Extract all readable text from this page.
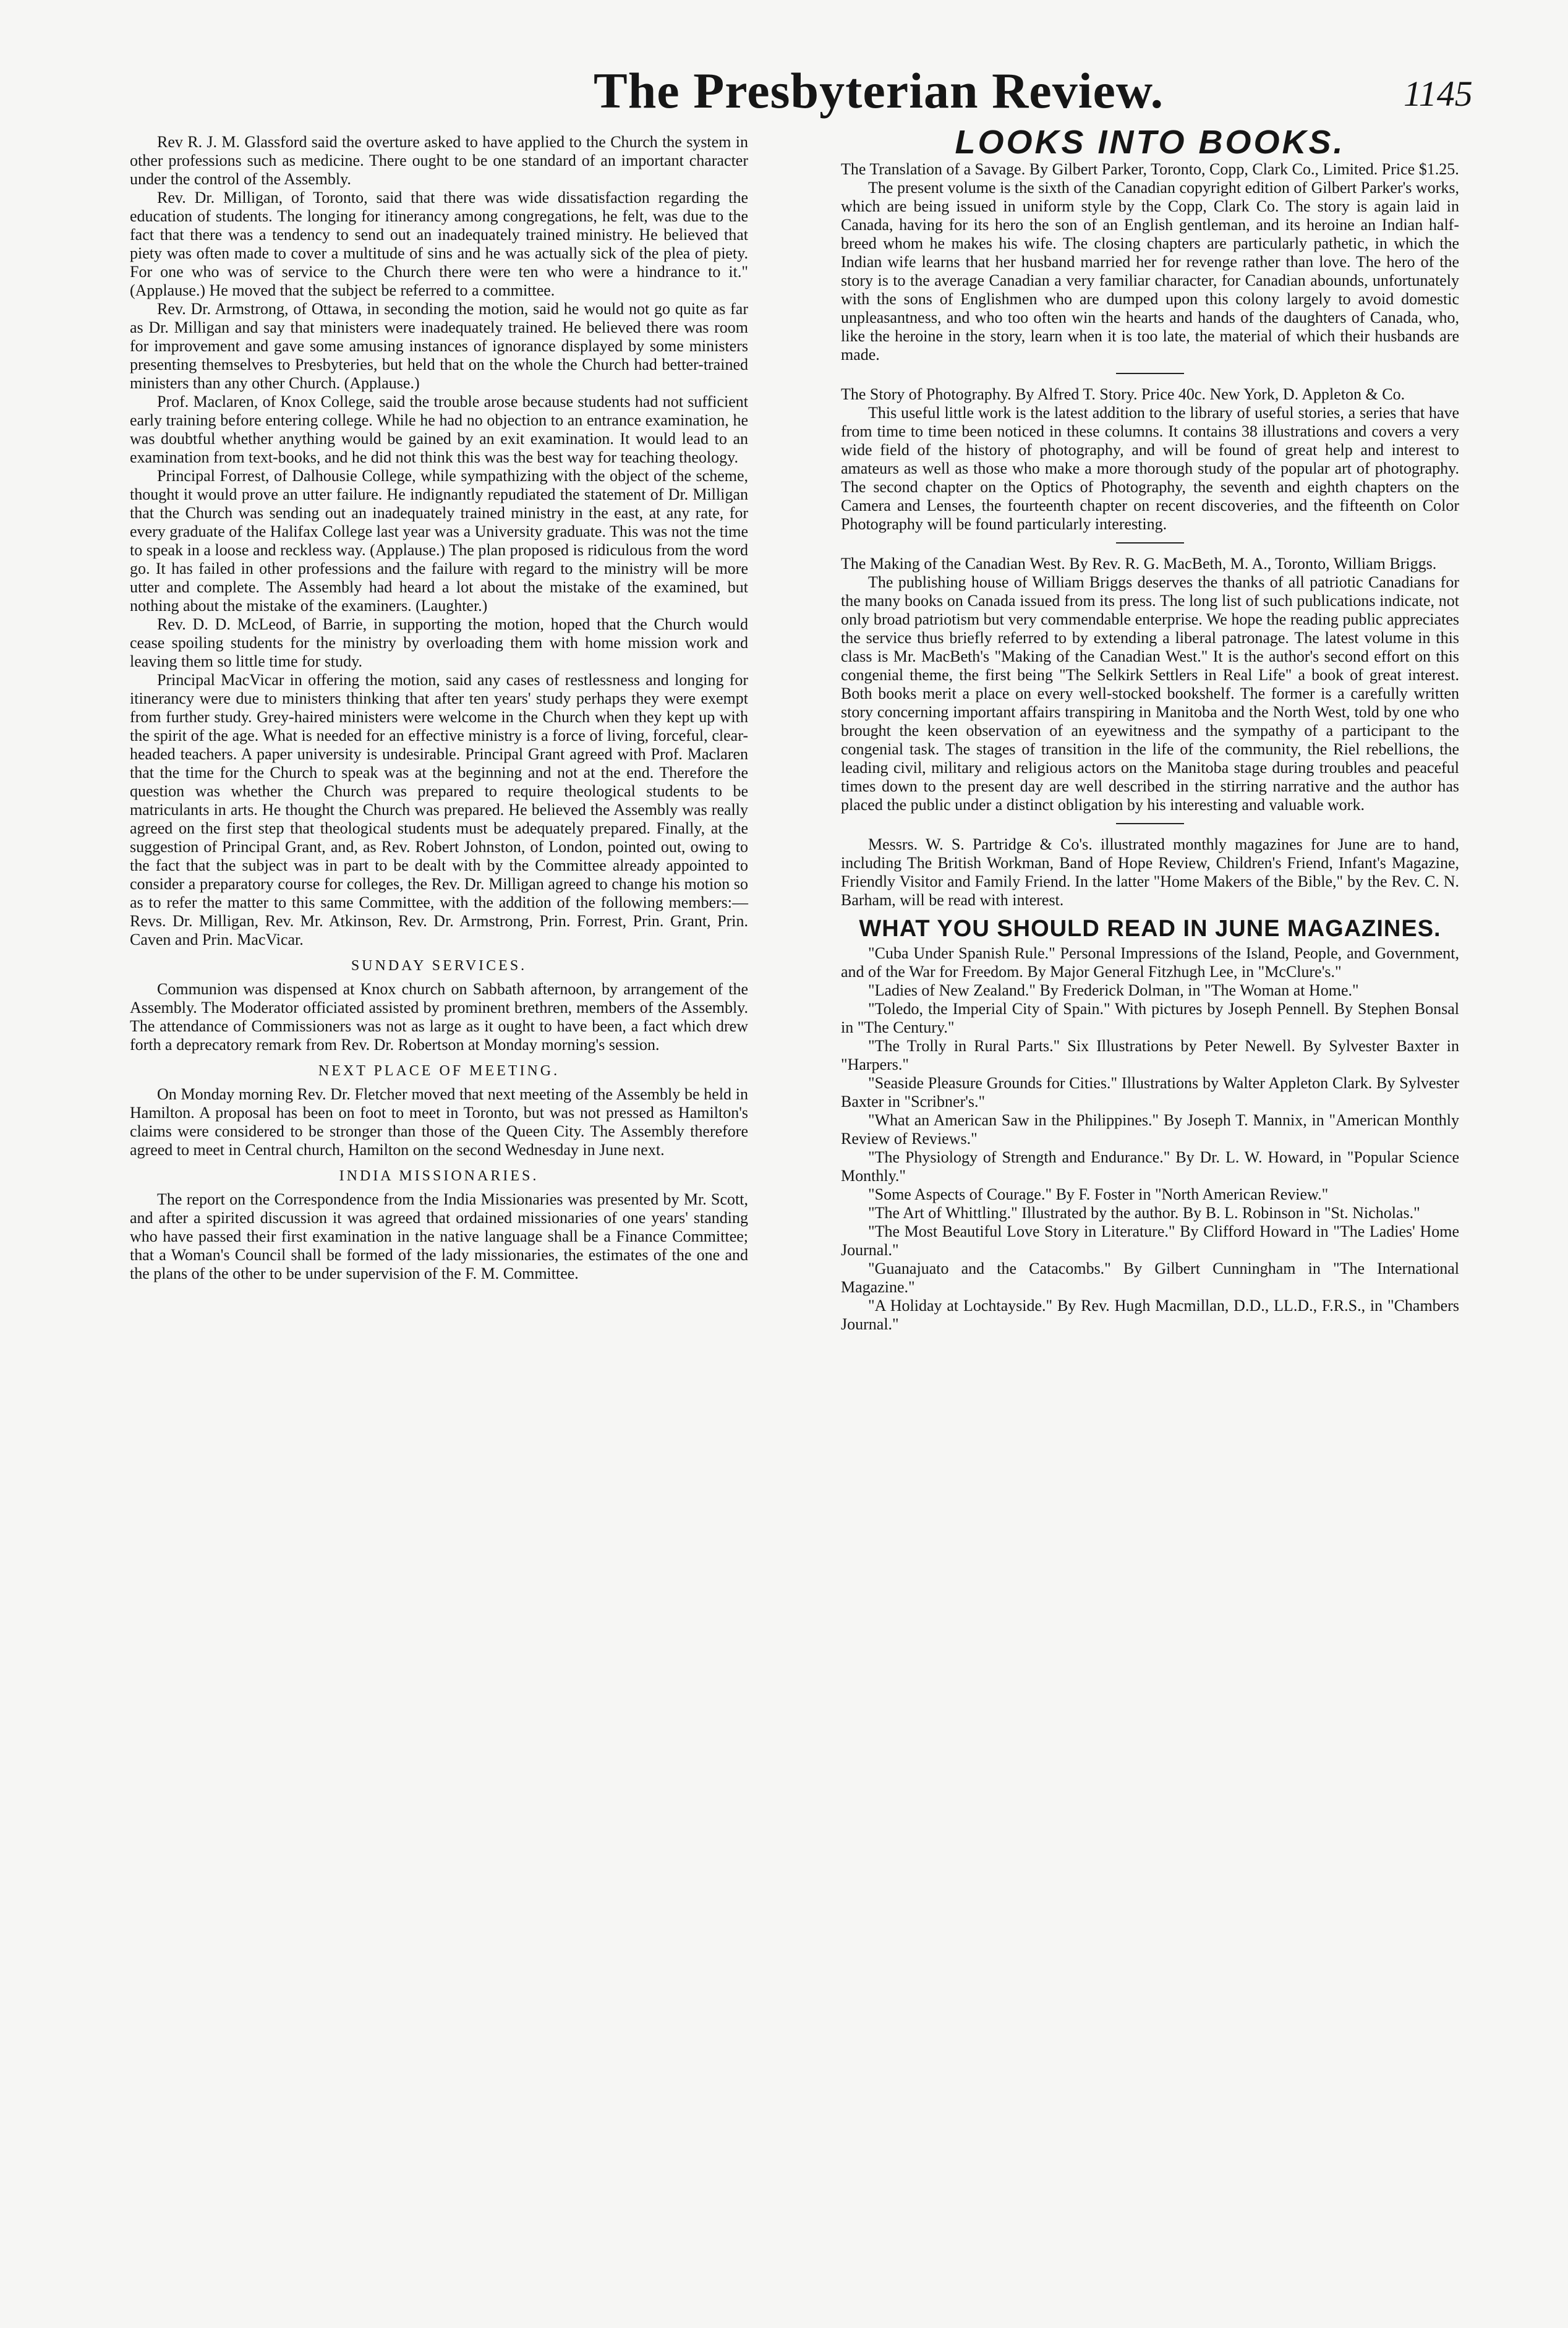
The Presbyterian Review.	1145

Rev R. J. M. Glassford said the overture asked to have applied to the Church the system in other professions such as medicine. There ought to be one standard of an important character under the control of the Assembly.

Rev. Dr. Milligan, of Toronto, said that there was wide dissatisfaction regarding the education of students. The longing for itinerancy among congregations, he felt, was due to the fact that there was a tendency to send out an inadequately trained ministry. He believed that piety was often made to cover a multitude of sins and he was actually sick of the plea of piety. For one who was of service to the Church there were ten who were a hindrance to it." (Applause.) He moved that the subject be referred to a committee.

Rev. Dr. Armstrong, of Ottawa, in seconding the motion, said he would not go quite as far as Dr. Milligan and say that ministers were inadequately trained. He believed there was room for improvement and gave some amusing instances of ignorance displayed by some ministers presenting themselves to Presbyteries, but held that on the whole the Church had better-trained ministers than any other Church. (Applause.)

Prof. Maclaren, of Knox College, said the trouble arose because students had not sufficient early training before entering college. While he had no objection to an entrance examination, he was doubtful whether anything would be gained by an exit examination. It would lead to an examination from text-books, and he did not think this was the best way for teaching theology.

Principal Forrest, of Dalhousie College, while sympathizing with the object of the scheme, thought it would prove an utter failure. He indignantly repudiated the statement of Dr. Milligan that the Church was sending out an inadequately trained ministry in the east, at any rate, for every graduate of the Halifax College last year was a University graduate. This was not the time to speak in a loose and reckless way. (Applause.) The plan proposed is ridiculous from the word go. It has failed in other professions and the failure with regard to the ministry will be more utter and complete. The Assembly had heard a lot about the mistake of the examined, but nothing about the mistake of the examiners. (Laughter.)

Rev. D. D. McLeod, of Barrie, in supporting the motion, hoped that the Church would cease spoiling students for the ministry by overloading them with home mission work and leaving them so little time for study.

Principal MacVicar in offering the motion, said any cases of restlessness and longing for itinerancy were due to ministers thinking that after ten years' study perhaps they were exempt from further study. Grey-haired ministers were welcome in the Church when they kept up with the spirit of the age. What is needed for an effective ministry is a force of living, forceful, clear-headed teachers. A paper university is undesirable. Principal Grant agreed with Prof. Maclaren that the time for the Church to speak was at the beginning and not at the end. Therefore the question was whether the Church was prepared to require theological students to be matriculants in arts. He thought the Church was prepared. He believed the Assembly was really agreed on the first step that theological students must be adequately prepared. Finally, at the suggestion of Principal Grant, and, as Rev. Robert Johnston, of London, pointed out, owing to the fact that the subject was in part to be dealt with by the Committee already appointed to consider a preparatory course for colleges, the Rev. Dr. Milligan agreed to change his motion so as to refer the matter to this same Committee, with the addition of the following members:—Revs. Dr. Milligan, Rev. Mr. Atkinson, Rev. Dr. Armstrong, Prin. Forrest, Prin. Grant, Prin. Caven and Prin. MacVicar.

SUNDAY SERVICES.

Communion was dispensed at Knox church on Sabbath afternoon, by arrangement of the Assembly. The Moderator officiated assisted by prominent brethren, members of the Assembly. The attendance of Commissioners was not as large as it ought to have been, a fact which drew forth a deprecatory remark from Rev. Dr. Robertson at Monday morning's session.

NEXT PLACE OF MEETING.

On Monday morning Rev. Dr. Fletcher moved that next meeting of the Assembly be held in Hamilton. A proposal has been on foot to meet in Toronto, but was not pressed as Hamilton's claims were considered to be stronger than those of the Queen City. The Assembly therefore agreed to meet in Central church, Hamilton on the second Wednesday in June next.

INDIA MISSIONARIES.

The report on the Correspondence from the India Missionaries was presented by Mr. Scott, and after a spirited discussion it was agreed that ordained missionaries of one years' standing who have passed their first examination in the native language shall be a Finance Committee; that a Woman's Council shall be formed of the lady missionaries, the estimates of the one and the plans of the other to be under supervision of the F. M. Committee.

LOOKS INTO BOOKS.

The Translation of a Savage. By Gilbert Parker, Toronto, Copp, Clark Co., Limited. Price $1.25.

The present volume is the sixth of the Canadian copyright edition of Gilbert Parker's works, which are being issued in uniform style by the Copp, Clark Co. The story is again laid in Canada, having for its hero the son of an English gentleman, and its heroine an Indian half-breed whom he makes his wife. The closing chapters are particularly pathetic, in which the Indian wife learns that her husband married her for revenge rather than love. The hero of the story is to the average Canadian a very familiar character, for Canadian abounds, unfortunately with the sons of Englishmen who are dumped upon this colony largely to avoid domestic unpleasantness, and who too often win the hearts and hands of the daughters of Canada, who, like the heroine in the story, learn when it is too late, the material of which their husbands are made.

The Story of Photography. By Alfred T. Story. Price 40c. New York, D. Appleton & Co.

This useful little work is the latest addition to the library of useful stories, a series that have from time to time been noticed in these columns. It contains 38 illustrations and covers a very wide field of the history of photography, and will be found of great help and interest to amateurs as well as those who make a more thorough study of the popular art of photography. The second chapter on the Optics of Photography, the seventh and eighth chapters on the Camera and Lenses, the fourteenth chapter on recent discoveries, and the fifteenth on Color Photography will be found particularly interesting.

The Making of the Canadian West. By Rev. R. G. MacBeth, M. A., Toronto, William Briggs.

The publishing house of William Briggs deserves the thanks of all patriotic Canadians for the many books on Canada issued from its press. The long list of such publications indicate, not only broad patriotism but very commendable enterprise. We hope the reading public appreciates the service thus briefly referred to by extending a liberal patronage. The latest volume in this class is Mr. MacBeth's "Making of the Canadian West." It is the author's second effort on this congenial theme, the first being "The Selkirk Settlers in Real Life" a book of great interest. Both books merit a place on every well-stocked bookshelf. The former is a carefully written story concerning important affairs transpiring in Manitoba and the North West, told by one who brought the keen observation of an eyewitness and the sympathy of a participant to the congenial task. The stages of transition in the life of the community, the Riel rebellions, the leading civil, military and religious actors on the Manitoba stage during troubles and peaceful times down to the present day are well described in the stirring narrative and the author has placed the public under a distinct obligation by his interesting and valuable work.

Messrs. W. S. Partridge & Co's. illustrated monthly magazines for June are to hand, including The British Workman, Band of Hope Review, Children's Friend, Infant's Magazine, Friendly Visitor and Family Friend. In the latter "Home Makers of the Bible," by the Rev. C. N. Barham, will be read with interest.

WHAT YOU SHOULD READ IN JUNE MAGAZINES.

"Cuba Under Spanish Rule." Personal Impressions of the Island, People, and Government, and of the War for Freedom. By Major General Fitzhugh Lee, in "McClure's."

"Ladies of New Zealand." By Frederick Dolman, in "The Woman at Home."

"Toledo, the Imperial City of Spain." With pictures by Joseph Pennell. By Stephen Bonsal in "The Century."

"The Trolly in Rural Parts." Six Illustrations by Peter Newell. By Sylvester Baxter in "Harpers."

"Seaside Pleasure Grounds for Cities." Illustrations by Walter Appleton Clark. By Sylvester Baxter in "Scribner's."

"What an American Saw in the Philippines." By Joseph T. Mannix, in "American Monthly Review of Reviews."

"The Physiology of Strength and Endurance." By Dr. L. W. Howard, in "Popular Science Monthly."

"Some Aspects of Courage." By F. Foster in "North American Review."

"The Art of Whittling." Illustrated by the author. By B. L. Robinson in "St. Nicholas."

"The Most Beautiful Love Story in Literature." By Clifford Howard in "The Ladies' Home Journal."

"Guanajuato and the Catacombs." By Gilbert Cunningham in "The International Magazine."

"A Holiday at Lochtayside." By Rev. Hugh Macmillan, D.D., LL.D., F.R.S., in "Chambers Journal."
